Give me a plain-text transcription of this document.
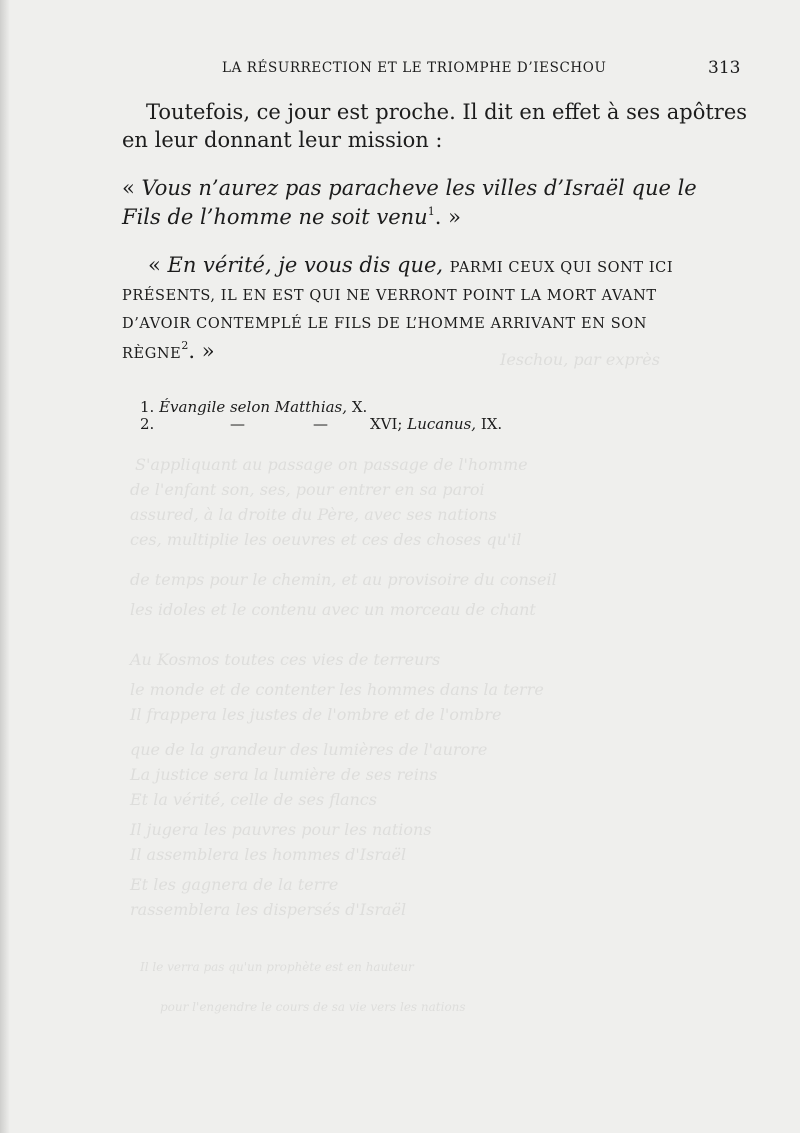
Ieschou, par exprès
S'appliquant au passage on passage de l'homme
de l'enfant son, ses, pour entrer en sa paroi
assured, à la droite du Père, avec ses nations
ces, multiplie les oeuvres et ces des choses qu'il
de temps pour le chemin, et au provisoire du conseil
les idoles et le contenu avec un morceau de chant
Au Kosmos toutes ces vies de terreurs
le monde et de contenter les hommes dans la terre
Il frappera les justes de l'ombre et de l'ombre
que de la grandeur des lumières de l'aurore
La justice sera la lumière de ses reins
Et la vérité, celle de ses flancs
Il jugera les pauvres pour les nations
Il assemblera les hommes d'Israël
Et les gagnera de la terre
rassemblera les dispersés d'Israël
Il le verra pas qu'un prophète est en hauteur
pour l'engendre le cours de sa vie vers les nations
LA RÉSURRECTION ET LE TRIOMPHE D’IESCHOU	313
Toutefois, ce jour est proche. Il dit en effet à ses apôtres
en leur donnant leur mission :
« Vous n’aurez pas paracheve les villes d’Israël que le
Fils de l’homme ne soit venu$^1$. »
« En vérité, je vous dis que, PARMI CEUX QUI SONT ICI
PRÉSENTS, IL EN EST QUI NE VERRONT POINT LA MORT AVANT
D’AVOIR CONTEMPLÉ LE FILS DE L’HOMME ARRIVANT EN SON
RÈGNE$^2$. »
1. Évangile selon Matthias, X.
2.	—	—	XVI; Lucanus, IX.
